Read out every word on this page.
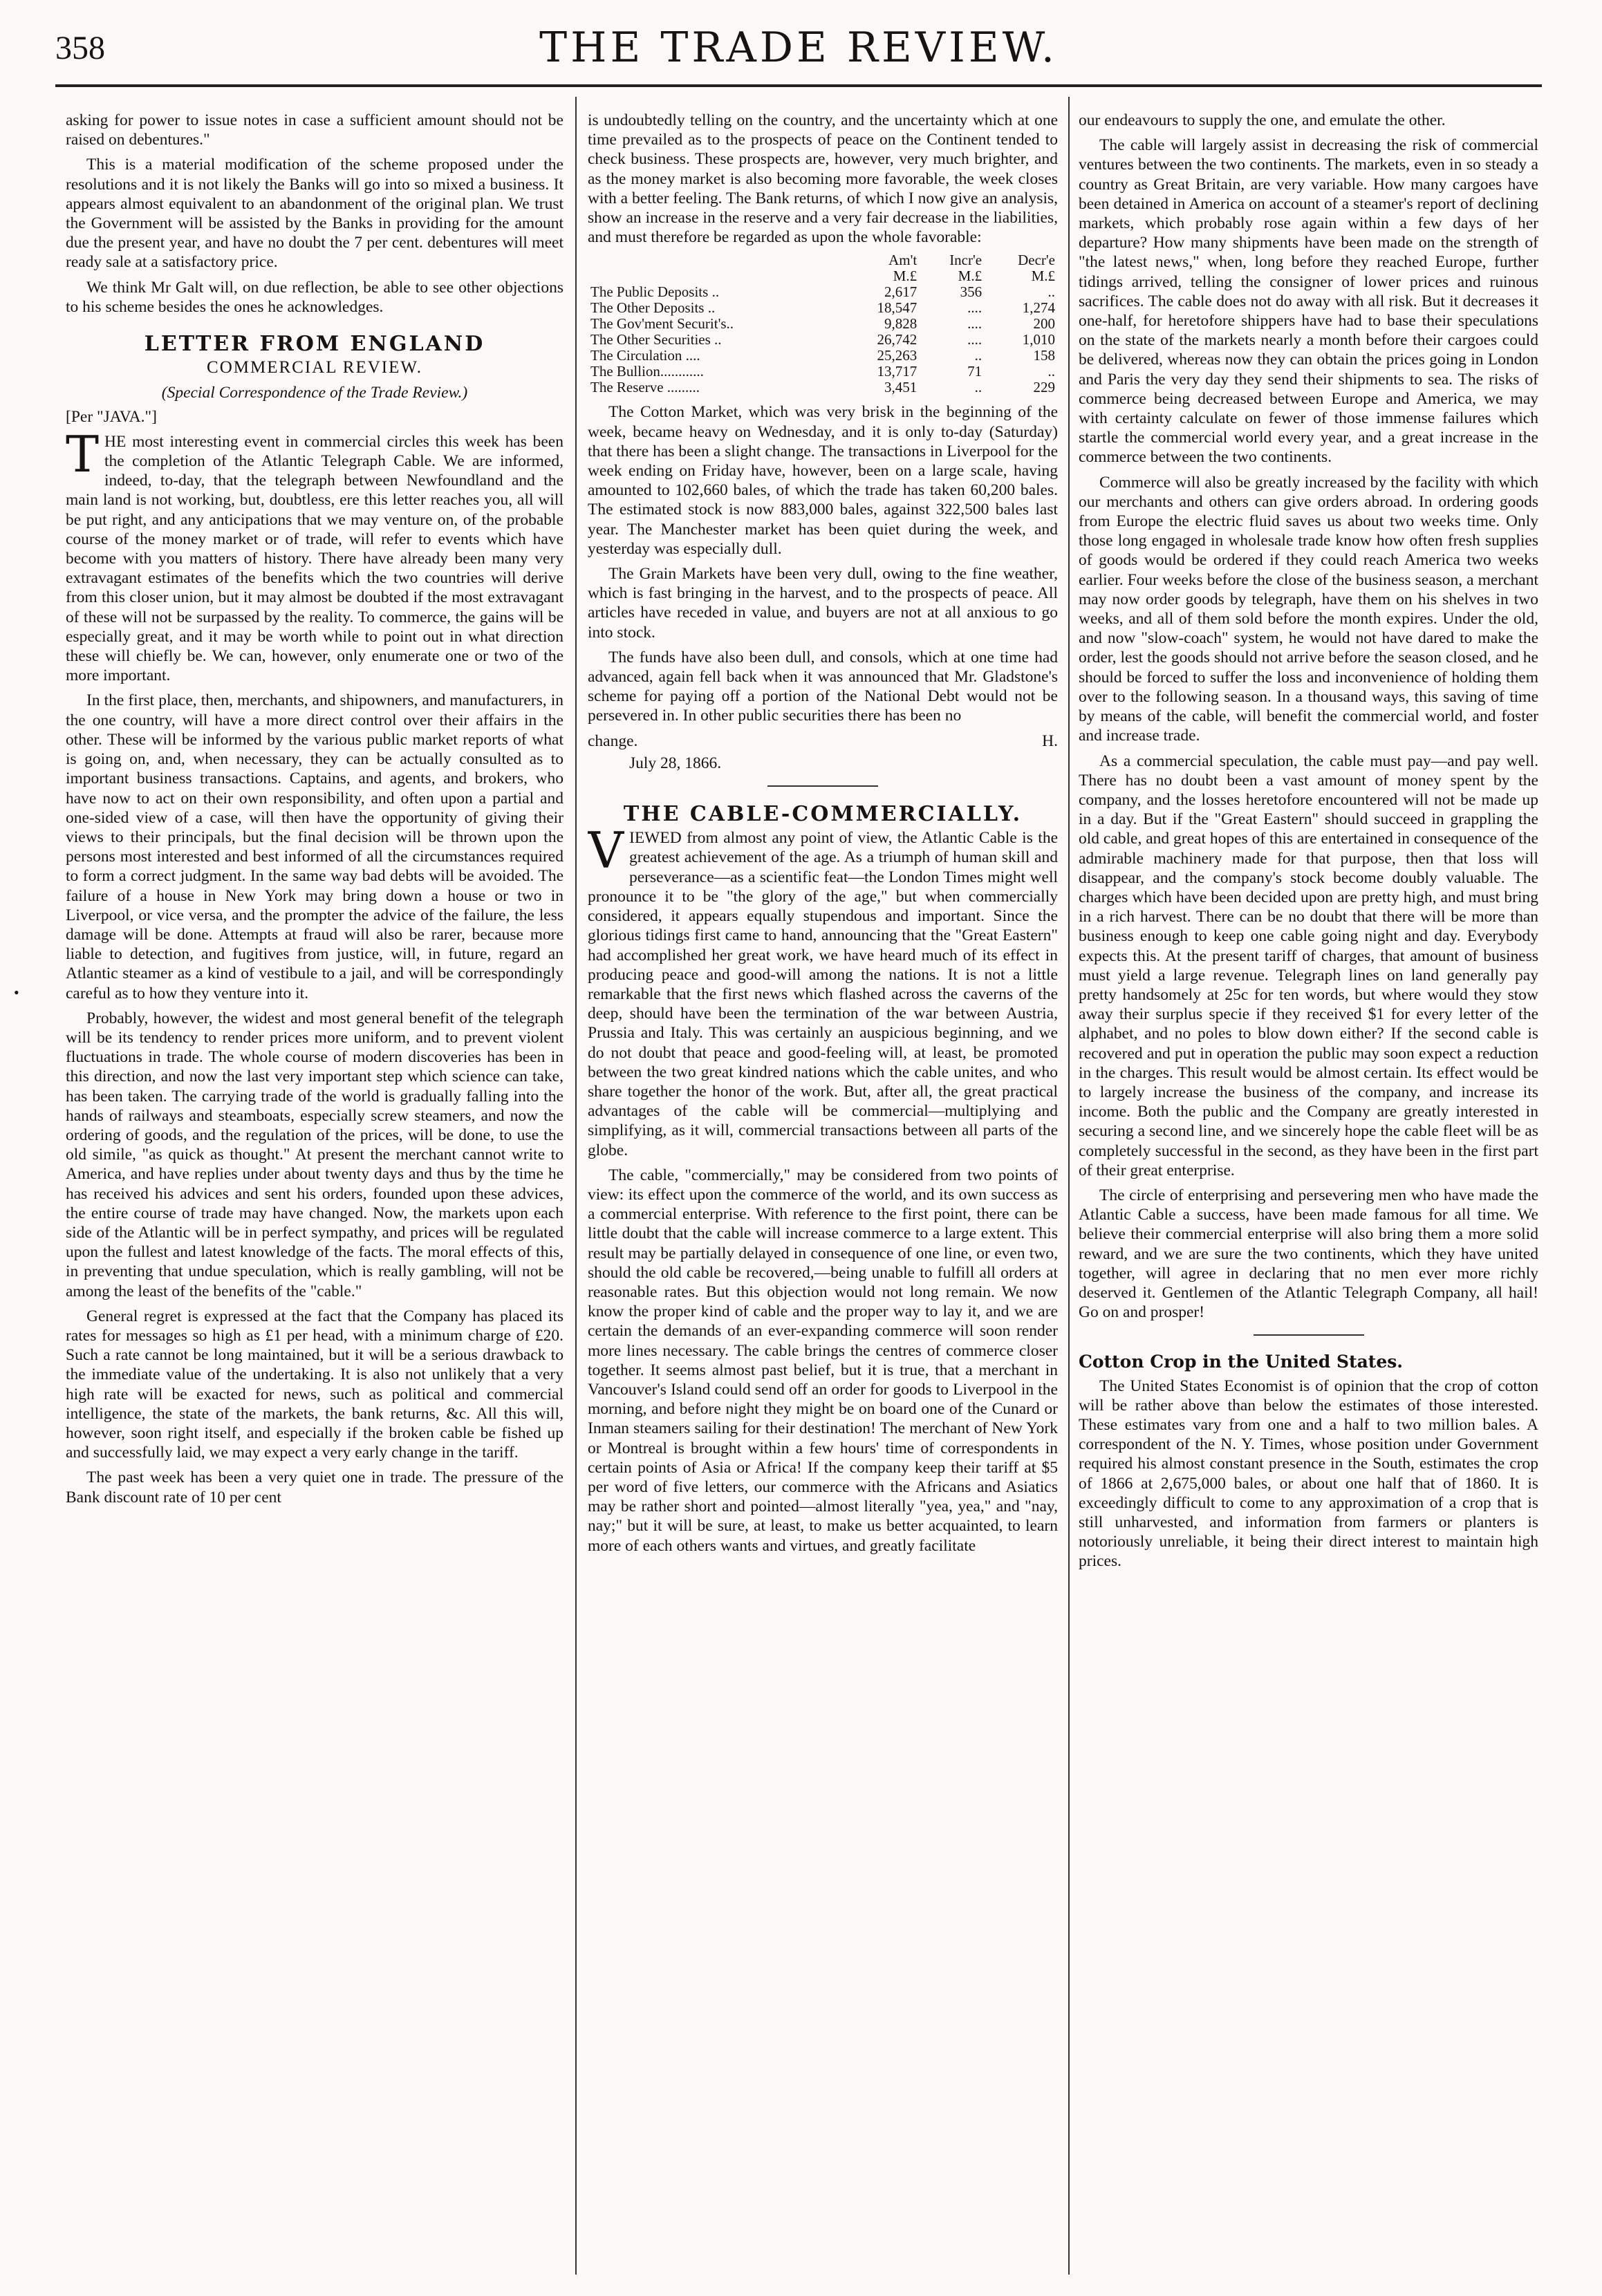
358	THE TRADE REVIEW.
•

asking for power to issue notes in case a sufficient amount should not be raised on debentures."

This is a material modification of the scheme proposed under the resolutions and it is not likely the Banks will go into so mixed a business. It appears almost equivalent to an abandonment of the original plan. We trust the Government will be assisted by the Banks in providing for the amount due the present year, and have no doubt the 7 per cent. debentures will meet ready sale at a satisfactory price.

We think Mr Galt will, on due reflection, be able to see other objections to his scheme besides the ones he acknowledges.

LETTER FROM ENGLAND
COMMERCIAL REVIEW.
(Special Correspondence of the Trade Review.)

[Per "JAVA."]

THE most interesting event in commercial circles this week has been the completion of the Atlantic Telegraph Cable. We are informed, indeed, to-day, that the telegraph between Newfoundland and the main land is not working, but, doubtless, ere this letter reaches you, all will be put right, and any anticipations that we may venture on, of the probable course of the money market or of trade, will refer to events which have become with you matters of history. There have already been many very extravagant estimates of the benefits which the two countries will derive from this closer union, but it may almost be doubted if the most extravagant of these will not be surpassed by the reality. To commerce, the gains will be especially great, and it may be worth while to point out in what direction these will chiefly be. We can, however, only enumerate one or two of the more important.

In the first place, then, merchants, and shipowners, and manufacturers, in the one country, will have a more direct control over their affairs in the other. These will be informed by the various public market reports of what is going on, and, when necessary, they can be actually consulted as to important business transactions. Captains, and agents, and brokers, who have now to act on their own responsibility, and often upon a partial and one-sided view of a case, will then have the opportunity of giving their views to their principals, but the final decision will be thrown upon the persons most interested and best informed of all the circumstances required to form a correct judgment. In the same way bad debts will be avoided. The failure of a house in New York may bring down a house or two in Liverpool, or vice versa, and the prompter the advice of the failure, the less damage will be done. Attempts at fraud will also be rarer, because more liable to detection, and fugitives from justice, will, in future, regard an Atlantic steamer as a kind of vestibule to a jail, and will be correspondingly careful as to how they venture into it.

Probably, however, the widest and most general benefit of the telegraph will be its tendency to render prices more uniform, and to prevent violent fluctuations in trade. The whole course of modern discoveries has been in this direction, and now the last very important step which science can take, has been taken. The carrying trade of the world is gradually falling into the hands of railways and steamboats, especially screw steamers, and now the ordering of goods, and the regulation of the prices, will be done, to use the old simile, "as quick as thought." At present the merchant cannot write to America, and have replies under about twenty days and thus by the time he has received his advices and sent his orders, founded upon these advices, the entire course of trade may have changed. Now, the markets upon each side of the Atlantic will be in perfect sympathy, and prices will be regulated upon the fullest and latest knowledge of the facts. The moral effects of this, in preventing that undue speculation, which is really gambling, will not be among the least of the benefits of the "cable."

General regret is expressed at the fact that the Company has placed its rates for messages so high as £1 per head, with a minimum charge of £20. Such a rate cannot be long maintained, but it will be a serious drawback to the immediate value of the undertaking. It is also not unlikely that a very high rate will be exacted for news, such as political and commercial intelligence, the state of the markets, the bank returns, &c. All this will, however, soon right itself, and especially if the broken cable be fished up and successfully laid, we may expect a very early change in the tariff.

The past week has been a very quiet one in trade. The pressure of the Bank discount rate of 10 per cent

is undoubtedly telling on the country, and the uncertainty which at one time prevailed as to the prospects of peace on the Continent tended to check business. These prospects are, however, very much brighter, and as the money market is also becoming more favorable, the week closes with a better feeling. The Bank returns, of which I now give an analysis, show an increase in the reserve and a very fair decrease in the liabilities, and must therefore be regarded as upon the whole favorable:

	Am't	Incr'e	Decr'e
	M.£	M.£	M.£
The Public Deposits ..	2,617	356	..
The Other Deposits ..	18,547	....	1,274
The Gov'ment Securit's..	9,828	....	200
The Other Securities ..	26,742	....	1,010
The Circulation ....	25,263	..	158
The Bullion............	13,717	71	..
The Reserve .........	3,451	..	229

The Cotton Market, which was very brisk in the beginning of the week, became heavy on Wednesday, and it is only to-day (Saturday) that there has been a slight change. The transactions in Liverpool for the week ending on Friday have, however, been on a large scale, having amounted to 102,660 bales, of which the trade has taken 60,200 bales. The estimated stock is now 883,000 bales, against 322,500 bales last year. The Manchester market has been quiet during the week, and yesterday was especially dull.

The Grain Markets have been very dull, owing to the fine weather, which is fast bringing in the harvest, and to the prospects of peace. All articles have receded in value, and buyers are not at all anxious to go into stock.

The funds have also been dull, and consols, which at one time had advanced, again fell back when it was announced that Mr. Gladstone's scheme for paying off a portion of the National Debt would not be persevered in. In other public securities there has been no

change.	H.
July 28, 1866.
THE CABLE-COMMERCIALLY.

VIEWED from almost any point of view, the Atlantic Cable is the greatest achievement of the age. As a triumph of human skill and perseverance—as a scientific feat—the London Times might well pronounce it to be "the glory of the age," but when commercially considered, it appears equally stupendous and important. Since the glorious tidings first came to hand, announcing that the "Great Eastern" had accomplished her great work, we have heard much of its effect in producing peace and good-will among the nations. It is not a little remarkable that the first news which flashed across the caverns of the deep, should have been the termination of the war between Austria, Prussia and Italy. This was certainly an auspicious beginning, and we do not doubt that peace and good-feeling will, at least, be promoted between the two great kindred nations which the cable unites, and who share together the honor of the work. But, after all, the great practical advantages of the cable will be commercial—multiplying and simplifying, as it will, commercial transactions between all parts of the globe.

The cable, "commercially," may be considered from two points of view: its effect upon the commerce of the world, and its own success as a commercial enterprise. With reference to the first point, there can be little doubt that the cable will increase commerce to a large extent. This result may be partially delayed in consequence of one line, or even two, should the old cable be recovered,—being unable to fulfill all orders at reasonable rates. But this objection would not long remain. We now know the proper kind of cable and the proper way to lay it, and we are certain the demands of an ever-expanding commerce will soon render more lines necessary. The cable brings the centres of commerce closer together. It seems almost past belief, but it is true, that a merchant in Vancouver's Island could send off an order for goods to Liverpool in the morning, and before night they might be on board one of the Cunard or Inman steamers sailing for their destination! The merchant of New York or Montreal is brought within a few hours' time of correspondents in certain points of Asia or Africa! If the company keep their tariff at $5 per word of five letters, our commerce with the Africans and Asiatics may be rather short and pointed—almost literally "yea, yea," and "nay, nay;" but it will be sure, at least, to make us better acquainted, to learn more of each others wants and virtues, and greatly facilitate

our endeavours to supply the one, and emulate the other.

The cable will largely assist in decreasing the risk of commercial ventures between the two continents. The markets, even in so steady a country as Great Britain, are very variable. How many cargoes have been detained in America on account of a steamer's report of declining markets, which probably rose again within a few days of her departure? How many shipments have been made on the strength of "the latest news," when, long before they reached Europe, further tidings arrived, telling the consigner of lower prices and ruinous sacrifices. The cable does not do away with all risk. But it decreases it one-half, for heretofore shippers have had to base their speculations on the state of the markets nearly a month before their cargoes could be delivered, whereas now they can obtain the prices going in London and Paris the very day they send their shipments to sea. The risks of commerce being decreased between Europe and America, we may with certainty calculate on fewer of those immense failures which startle the commercial world every year, and a great increase in the commerce between the two continents.

Commerce will also be greatly increased by the facility with which our merchants and others can give orders abroad. In ordering goods from Europe the electric fluid saves us about two weeks time. Only those long engaged in wholesale trade know how often fresh supplies of goods would be ordered if they could reach America two weeks earlier. Four weeks before the close of the business season, a merchant may now order goods by telegraph, have them on his shelves in two weeks, and all of them sold before the month expires. Under the old, and now "slow-coach" system, he would not have dared to make the order, lest the goods should not arrive before the season closed, and he should be forced to suffer the loss and inconvenience of holding them over to the following season. In a thousand ways, this saving of time by means of the cable, will benefit the commercial world, and foster and increase trade.

As a commercial speculation, the cable must pay—and pay well. There has no doubt been a vast amount of money spent by the company, and the losses heretofore encountered will not be made up in a day. But if the "Great Eastern" should succeed in grappling the old cable, and great hopes of this are entertained in consequence of the admirable machinery made for that purpose, then that loss will disappear, and the company's stock become doubly valuable. The charges which have been decided upon are pretty high, and must bring in a rich harvest. There can be no doubt that there will be more than business enough to keep one cable going night and day. Everybody expects this. At the present tariff of charges, that amount of business must yield a large revenue. Telegraph lines on land generally pay pretty handsomely at 25c for ten words, but where would they stow away their surplus specie if they received $1 for every letter of the alphabet, and no poles to blow down either? If the second cable is recovered and put in operation the public may soon expect a reduction in the charges. This result would be almost certain. Its effect would be to largely increase the business of the company, and increase its income. Both the public and the Company are greatly interested in securing a second line, and we sincerely hope the cable fleet will be as completely successful in the second, as they have been in the first part of their great enterprise.

The circle of enterprising and persevering men who have made the Atlantic Cable a success, have been made famous for all time. We believe their commercial enterprise will also bring them a more solid reward, and we are sure the two continents, which they have united together, will agree in declaring that no men ever more richly deserved it. Gentlemen of the Atlantic Telegraph Company, all hail! Go on and prosper!

Cotton Crop in the United States.

The United States Economist is of opinion that the crop of cotton will be rather above than below the estimates of those interested. These estimates vary from one and a half to two million bales. A correspondent of the N. Y. Times, whose position under Government required his almost constant presence in the South, estimates the crop of 1866 at 2,675,000 bales, or about one half that of 1860. It is exceedingly difficult to come to any approximation of a crop that is still unharvested, and information from farmers or planters is notoriously unreliable, it being their direct interest to maintain high prices.
